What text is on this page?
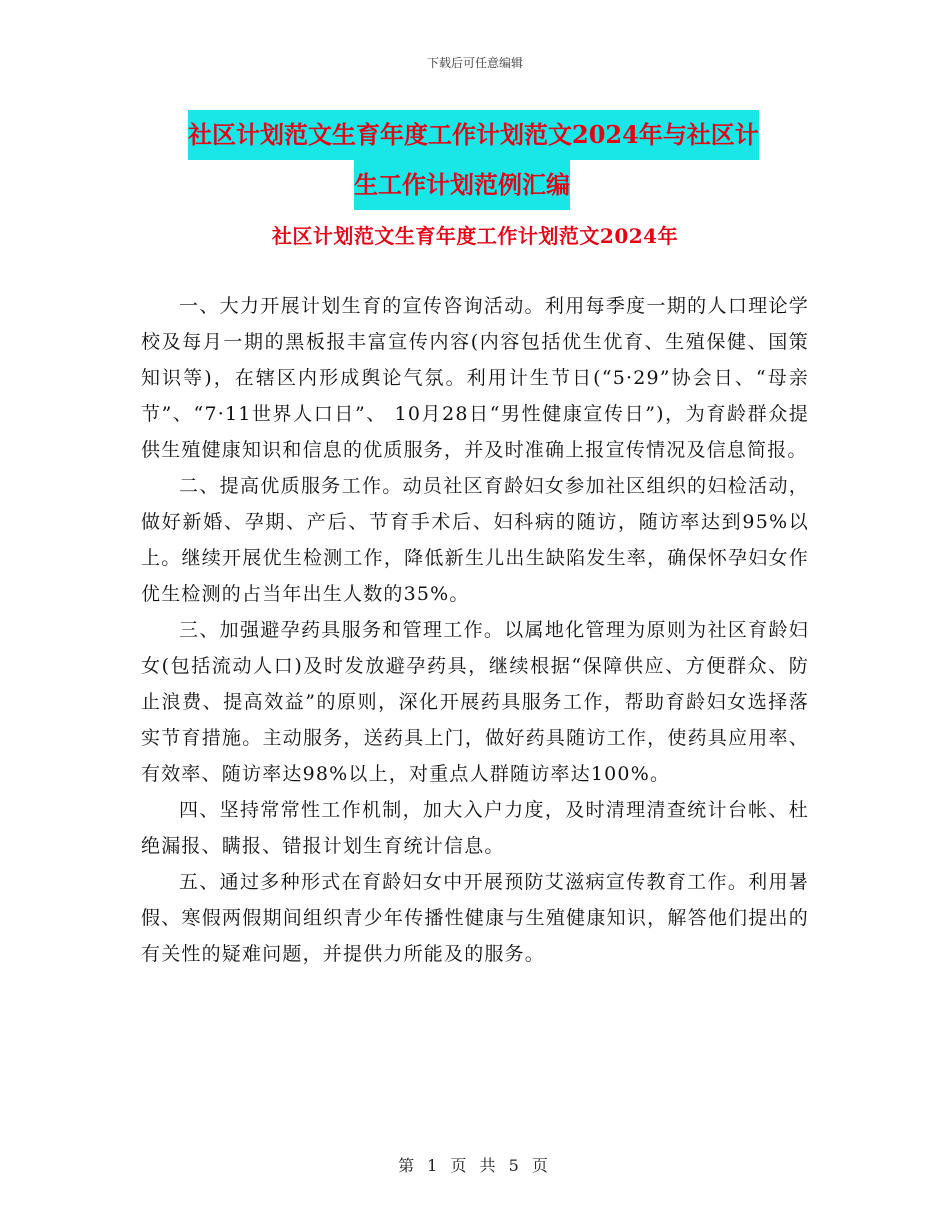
下载后可任意编辑
社区计划范文生育年度工作计划范文2024年与社区计
生工作计划范例汇编
社区计划范文生育年度工作计划范文2024年

一、大力开展计划生育的宣传咨询活动。利用每季度一期的人口理论学校及每月一期的黑板报丰富宣传内容(内容包括优生优育、生殖保健、国策知识等)，在辖区内形成舆论气氛。利用计生节日(“5·29”协会日、“母亲节”、“7·11世界人口日”、 10月28日“男性健康宣传日”)，为育龄群众提供生殖健康知识和信息的优质服务，并及时准确上报宣传情况及信息简报。

二、提高优质服务工作。动员社区育龄妇女参加社区组织的妇检活动，做好新婚、孕期、产后、节育手术后、妇科病的随访，随访率达到95%以上。继续开展优生检测工作，降低新生儿出生缺陷发生率，确保怀孕妇女作优生检测的占当年出生人数的35%。

三、加强避孕药具服务和管理工作。以属地化管理为原则为社区育龄妇女(包括流动人口)及时发放避孕药具，继续根据“保障供应、方便群众、防止浪费、提高效益”的原则，深化开展药具服务工作，帮助育龄妇女选择落实节育措施。主动服务，送药具上门，做好药具随访工作，使药具应用率、有效率、随访率达98%以上，对重点人群随访率达100%。

四、坚持常常性工作机制，加大入户力度，及时清理清查统计台帐、杜绝漏报、瞒报、错报计划生育统计信息。

五、通过多种形式在育龄妇女中开展预防艾滋病宣传教育工作。利用暑假、寒假两假期间组织青少年传播性健康与生殖健康知识，解答他们提出的有关性的疑难问题，并提供力所能及的服务。

第 1 页 共 5 页
